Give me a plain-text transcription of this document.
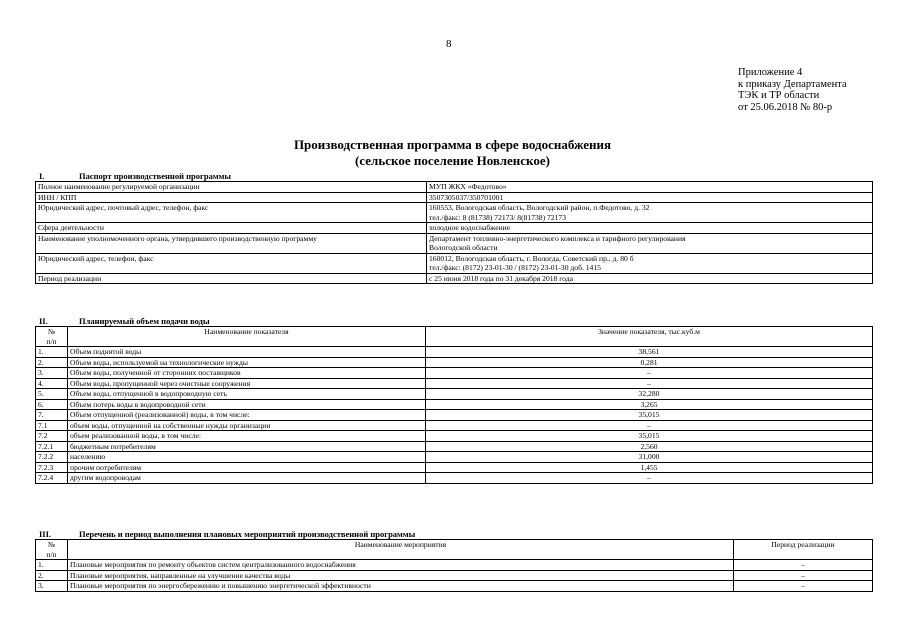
8
Приложение 4
к приказу Департамента
ТЭК и ТР области
от 25.06.2018 № 80-р
Производственная программа в сфере водоснабжения
(сельское поселение Новленское)
I.	Паспорт производственной программы
Полное наименование регулируемой организации	МУП ЖКХ «Федотово»
ИНН / КПП	3507305037/350701001
Юридический адрес, почтовый адрес, телефон, факс	160553, Вологодская область, Вологодский район, п.Федотово, д. 32
тел./факс: 8 (81738) 72173/ 8(81738) 72173

Сфера деятельности	холодное водоснабжение
Наименование уполномоченного органа, утвердившего производственную программу	Департамент топливно-энергетического комплекса и тарифного регулирования
Вологодской области

Юридический адрес, телефон, факс	160012, Вологодская область, г. Вологда, Советский пр., д. 80 б
тел./факс: (8172) 23-01-30 / (8172) 23-01-30 доб. 1415

Период реализации	с 25 июня 2018 года по 31 декабря 2018 года
II.	Планируемый объем подачи воды
№
п/п	Наименование показателя	Значение показателя, тыс.куб.м
1.	Объем поднятой воды	38,561
2.	Объем воды, используемой на технологические нужды	0,281
3.	Объем воды, полученной от сторонних поставщиков	–
4.	Объем воды, пропущенной через очистные сооружения	–
5.	Объем воды, отпущенной в водопроводную сеть	32,280
6.	Объем потерь воды в водопроводной сети	3,265
7.	Объем отпущенной (реализованной) воды, в том числе:	35,015
7.1	объем воды, отпущенной на собственные нужды организации	–
7.2	объем реализованной воды, в том числе:	35,015
7.2.1	бюджетным потребителям	2,560
7.2.2	населению	31,000
7.2.3	прочим потребителям	1,455
7.2.4	другим водопроводам	–
III.	Перечень и период выполнения плановых мероприятий производственной программы
№
п/п	Наименование мероприятия	Период реализации
1.	Плановые мероприятия по ремонту объектов систем централизованного водоснабжения	–
2.	Плановые мероприятия, направленные на улучшение качества воды	–
3.	Плановые мероприятия по энергосбережению и повышению энергетической эффективности	–
